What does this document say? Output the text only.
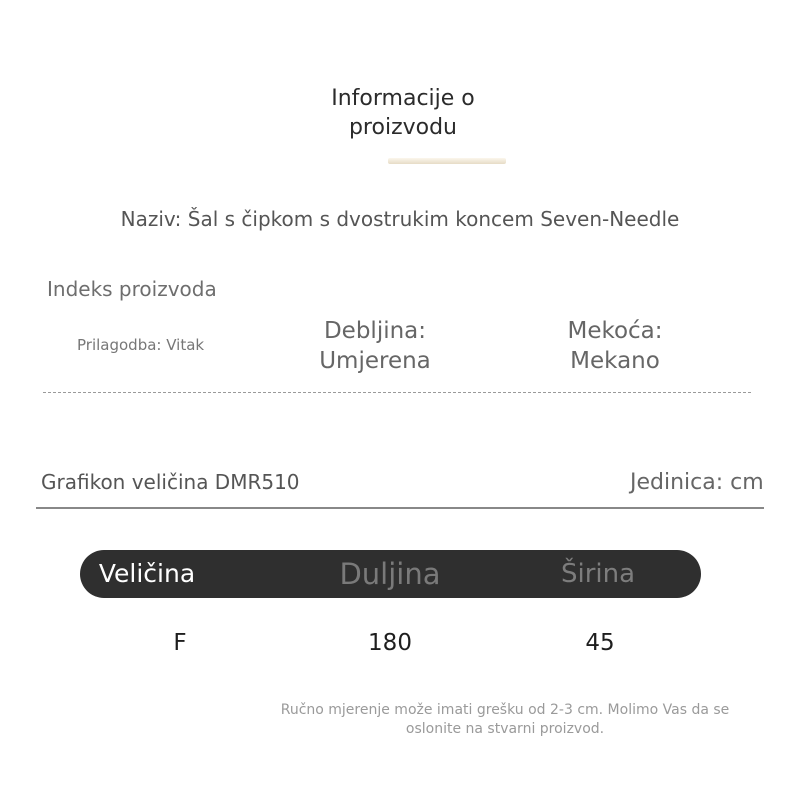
Informacije o proizvodu
Naziv: Šal s čipkom s dvostrukim koncem Seven-Needle
Indeks proizvoda
Prilagodba: Vitak
Debljina: Umjerena
Mekoća: Mekano
Grafikon veličina DMR510	Jedinica: cm
Veličina	Duljina	Širina
F	180	45
Ručno mjerenje može imati grešku od 2-3 cm. Molimo Vas da se oslonite na stvarni proizvod.
